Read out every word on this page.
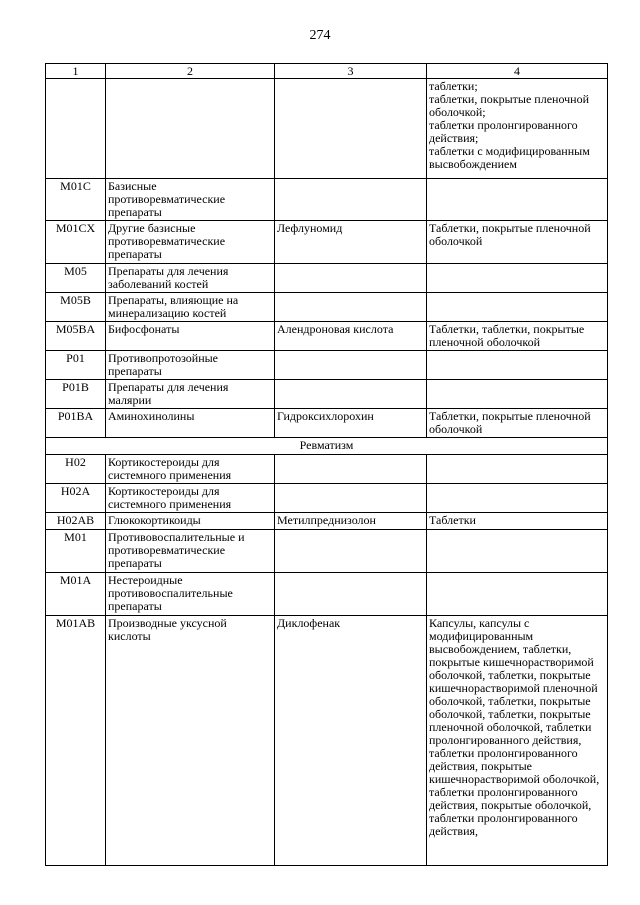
274
1	2	3	4

			таблетки;
таблетки, покрытые пленочной оболочкой;
таблетки пролонгированного действия;
таблетки с модифицированным высвобождением

M01C	Базисные противоревматические препараты		

M01CX	Другие базисные противоревматические препараты	Лефлуномид	Таблетки, покрытые пленочной оболочкой

M05	Препараты для лечения заболеваний костей		

M05B	Препараты, влияющие на минерализацию костей		

M05BA	Бифосфонаты	Алендроновая кислота	Таблетки, таблетки, покрытые пленочной оболочкой

P01	Противопротозойные препараты		

P01B	Препараты для лечения малярии		

P01BA	Аминохинолины	Гидроксихлорохин	Таблетки, покрытые пленочной оболочкой

Ревматизм			

H02	Кортикостероиды для системного применения		

H02A	Кортикостероиды для системного применения		

H02AB	Глюкокортикоиды	Метилпреднизолон	Таблетки

M01	Противовоспалительные и противоревматические препараты		

M01A	Нестероидные противовоспалительные препараты		

M01AB	Производные уксусной кислоты	Диклофенак	Капсулы, капсулы с модифицированным высвобождением, таблетки, покрытые кишечнорастворимой оболочкой, таблетки, покрытые кишечнорастворимой пленочной оболочкой, таблетки, покрытые оболочкой, таблетки, покрытые пленочной оболочкой, таблетки пролонгированного действия, таблетки пролонгированного действия, покрытые кишечнорастворимой оболочкой, таблетки пролонгированного действия, покрытые оболочкой, таблетки пролонгированного действия,
